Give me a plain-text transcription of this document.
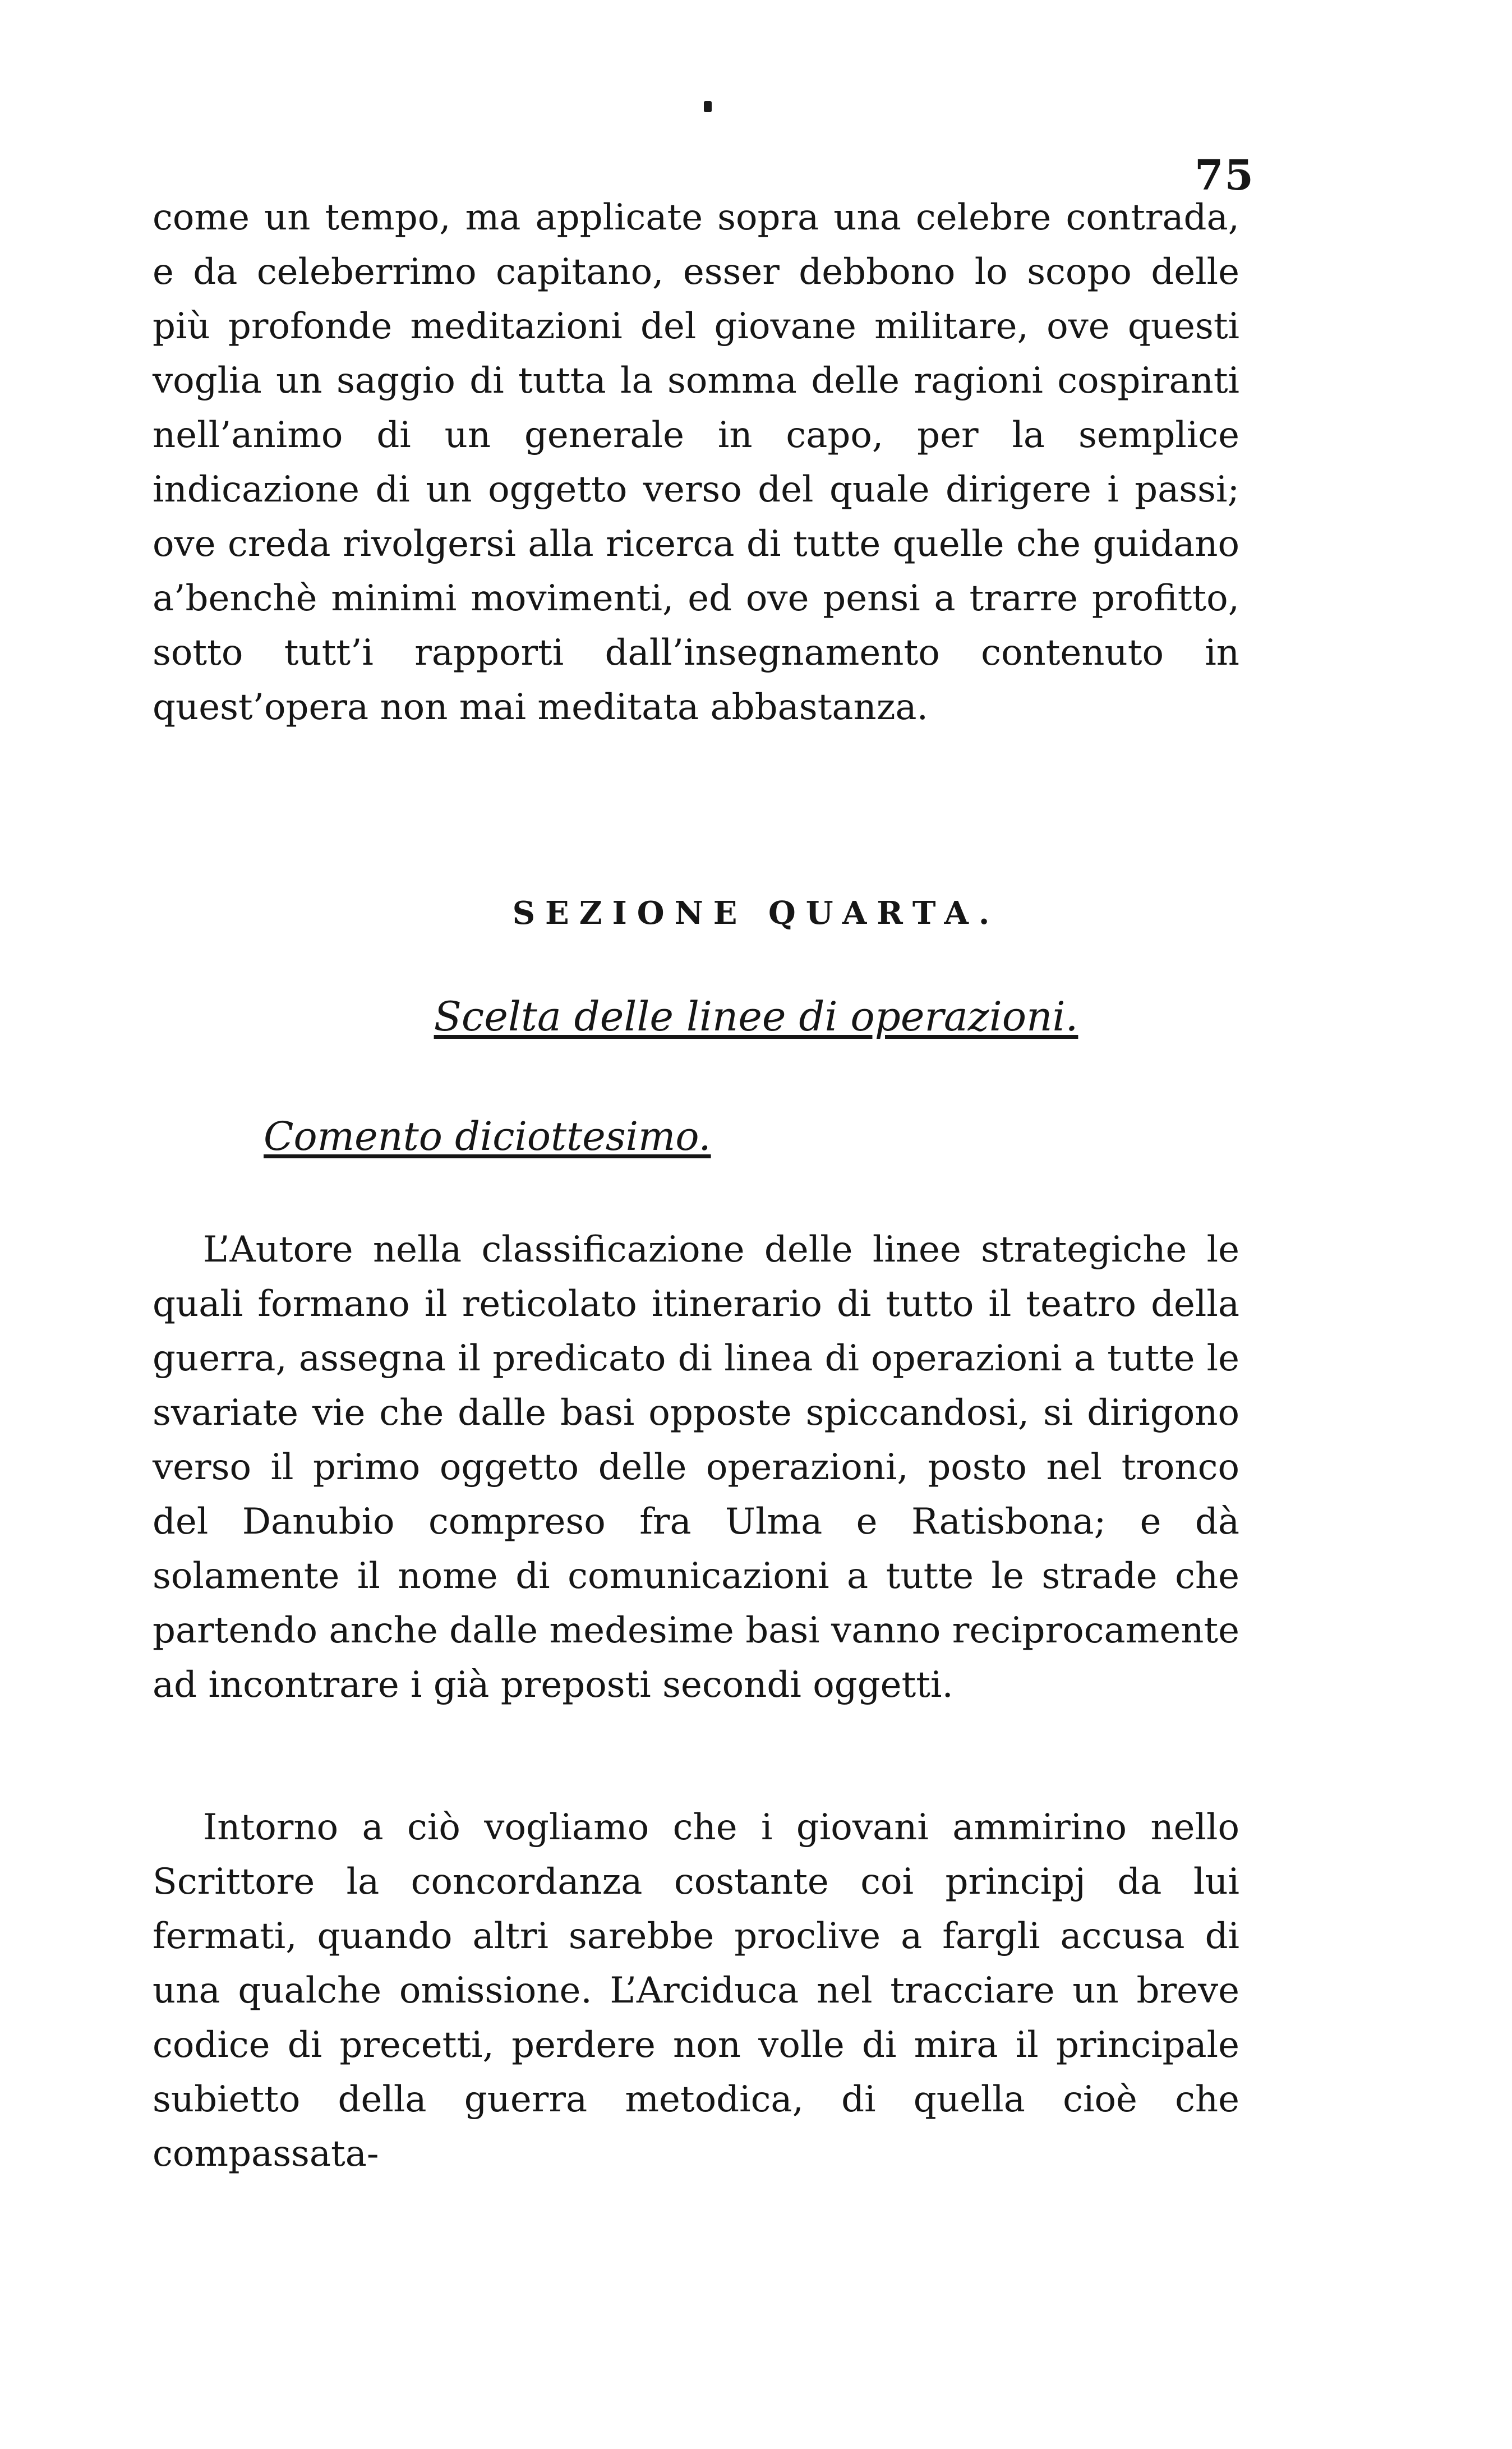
75

come un tempo, ma applicate sopra una celebre contrada, e da celeberrimo capitano, esser debbono lo scopo delle più profonde meditazioni del giovane militare, ove questi voglia un saggio di tutta la somma delle ragioni cospiranti nell’animo di un generale in capo, per la semplice indicazione di un oggetto verso del quale dirigere i passi; ove creda rivolgersi alla ricerca di tutte quelle che guidano a’benchè minimi movimenti, ed ove pensi a trarre profitto, sotto tutt’i rapporti dall’insegnamento contenuto in quest’opera non mai meditata abbastanza.

SEZIONE QUARTA.
Scelta delle linee di operazioni.
Comento diciottesimo.

L’Autore nella classificazione delle linee strategiche le quali formano il reticolato itinerario di tutto il teatro della guerra, assegna il predicato di linea di operazioni a tutte le svariate vie che dalle basi opposte spiccandosi, si dirigono verso il primo oggetto delle operazioni, posto nel tronco del Danubio compreso fra Ulma e Ratisbona; e dà solamente il nome di comunicazioni a tutte le strade che partendo anche dalle medesime basi vanno reciprocamente ad incontrare i già preposti secondi oggetti.

Intorno a ciò vogliamo che i giovani ammirino nello Scrittore la concordanza costante coi principj da lui fermati, quando altri sarebbe proclive a fargli accusa di una qualche omissione. L’Arciduca nel tracciare un breve codice di precetti, perdere non volle di mira il principale subietto della guerra metodica, di quella cioè che compassata-
